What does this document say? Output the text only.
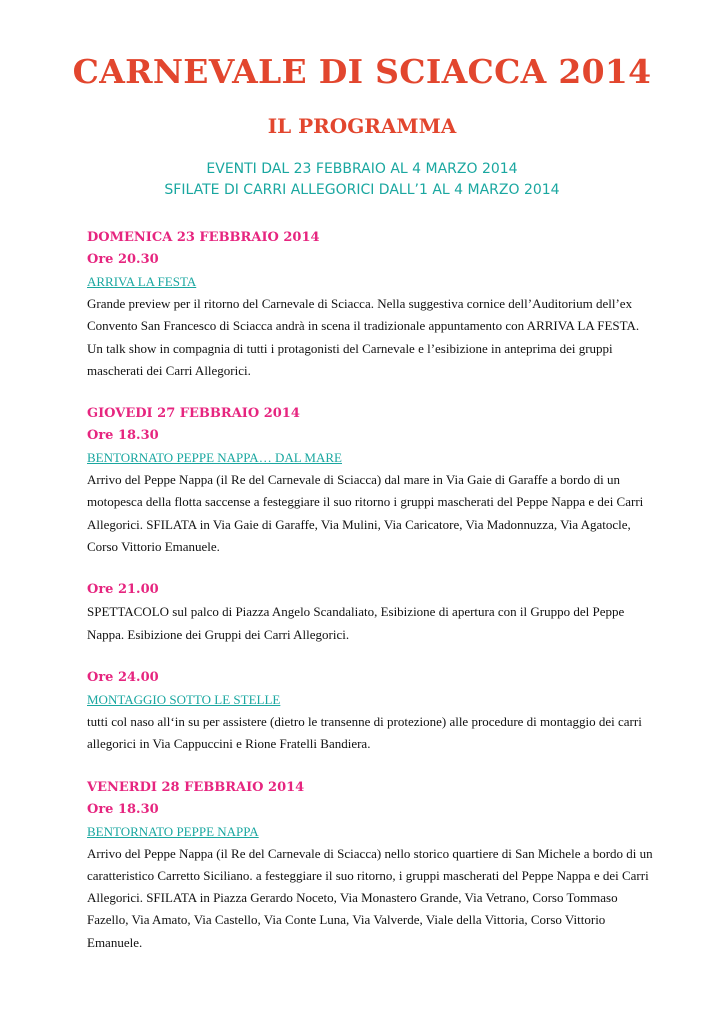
CARNEVALE DI SCIACCA 2014
IL PROGRAMMA
EVENTI DAL 23 FEBBRAIO AL 4 MARZO 2014
SFILATE DI CARRI ALLEGORICI DALL’1 AL 4 MARZO 2014
DOMENICA 23 FEBBRAIO 2014
Ore 20.30
ARRIVA LA FESTA
Grande preview per il ritorno del Carnevale di Sciacca. Nella suggestiva cornice dell’Auditorium dell’ex Convento San Francesco di Sciacca andrà in scena il tradizionale appuntamento con ARRIVA LA FESTA. Un talk show in compagnia di tutti i protagonisti del Carnevale e l’esibizione in anteprima dei gruppi mascherati dei Carri Allegorici.
GIOVEDI 27 FEBBRAIO 2014
Ore 18.30
BENTORNATO PEPPE NAPPA… DAL MARE
Arrivo del Peppe Nappa (il Re del Carnevale di Sciacca) dal mare in Via Gaie di Garaffe a bordo di un motopesca della flotta saccense a festeggiare il suo ritorno i gruppi mascherati del Peppe Nappa e dei Carri Allegorici. SFILATA in Via Gaie di Garaffe, Via Mulini, Via Caricatore, Via Madonnuzza, Via Agatocle, Corso Vittorio Emanuele.
Ore 21.00
SPETTACOLO sul palco di Piazza Angelo Scandaliato, Esibizione di apertura con il Gruppo del Peppe Nappa. Esibizione dei Gruppi dei Carri Allegorici.
Ore 24.00
MONTAGGIO SOTTO LE STELLE
tutti col naso all‘in su per assistere (dietro le transenne di protezione) alle procedure di montaggio dei carri allegorici in Via Cappuccini e Rione Fratelli Bandiera.
VENERDI 28 FEBBRAIO 2014
Ore 18.30
BENTORNATO PEPPE NAPPA
Arrivo del Peppe Nappa (il Re del Carnevale di Sciacca) nello storico quartiere di San Michele a bordo di un caratteristico Carretto Siciliano. a festeggiare il suo ritorno, i gruppi mascherati del Peppe Nappa e dei Carri Allegorici. SFILATA in Piazza Gerardo Noceto, Via Monastero Grande, Via Vetrano, Corso Tommaso Fazello, Via Amato, Via Castello, Via Conte Luna, Via Valverde, Viale della Vittoria, Corso Vittorio Emanuele.
